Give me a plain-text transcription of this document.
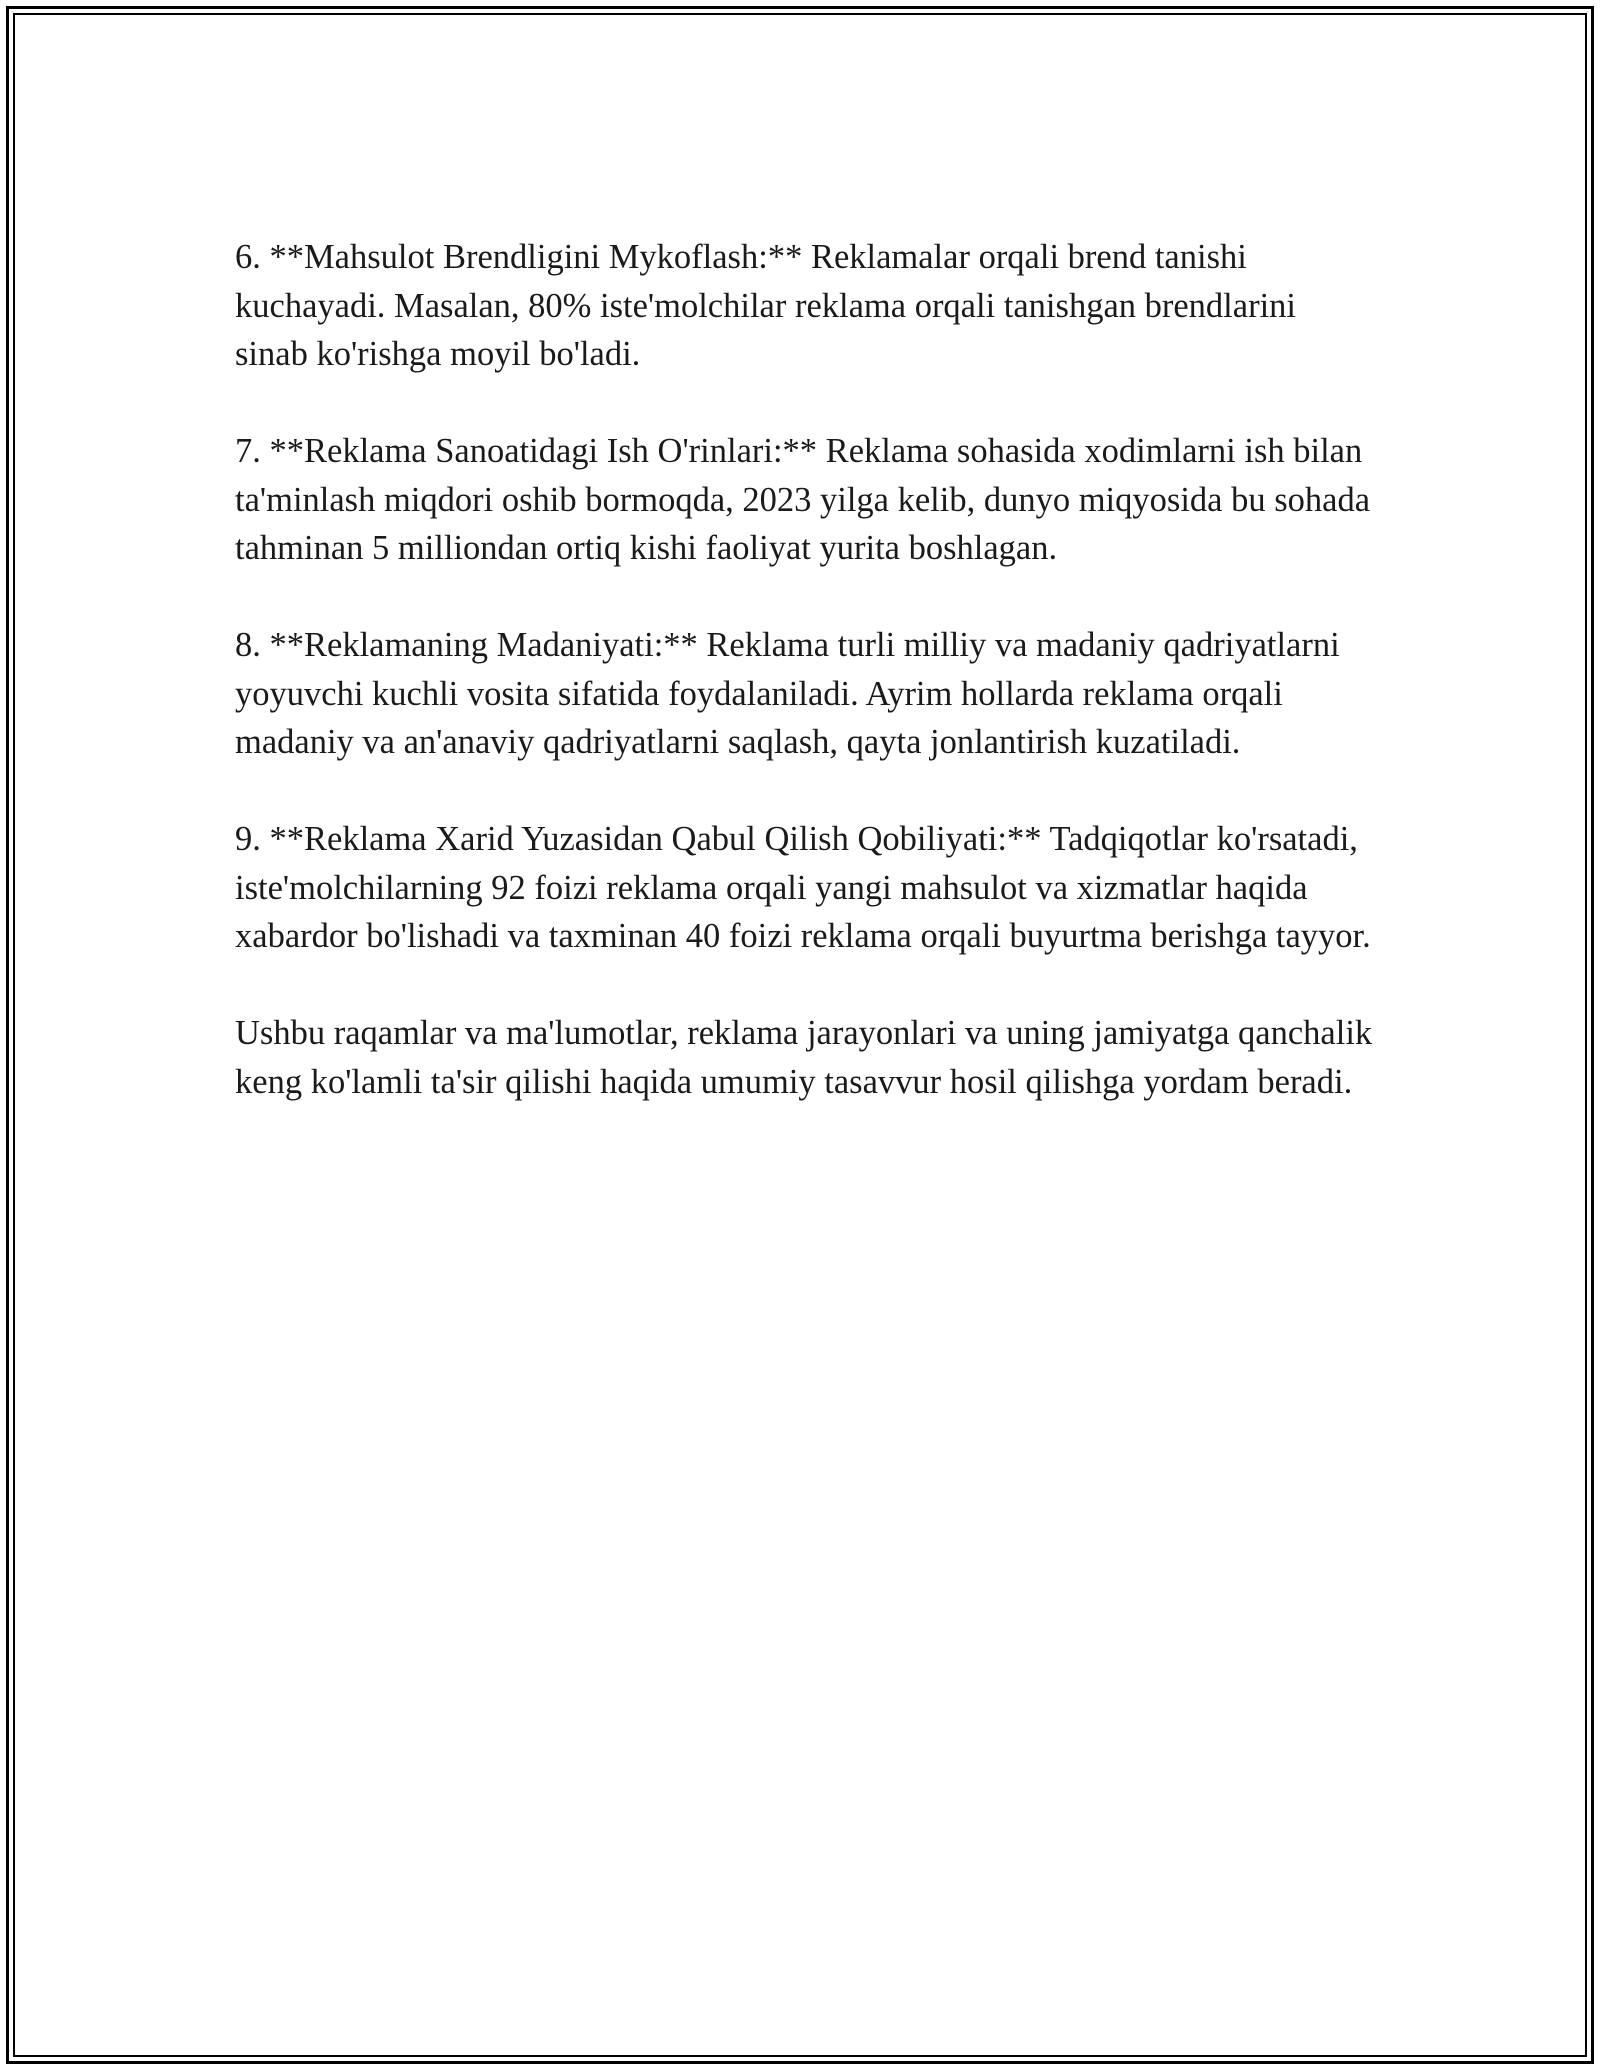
6. **Mahsulot Brendligini Mykoflash:** Reklamalar orqali brend tanishi kuchayadi. Masalan, 80% iste'molchilar reklama orqali tanishgan brendlarini sinab ko'rishga moyil bo'ladi.

7. **Reklama Sanoatidagi Ish O'rinlari:** Reklama sohasida xodimlarni ish bilan ta'minlash miqdori oshib bormoqda, 2023 yilga kelib, dunyo miqyosida bu sohada tahminan 5 milliondan ortiq kishi faoliyat yurita boshlagan.

8. **Reklamaning Madaniyati:** Reklama turli milliy va madaniy qadriyatlarni yoyuvchi kuchli vosita sifatida foydalaniladi. Ayrim hollarda reklama orqali madaniy va an'anaviy qadriyatlarni saqlash, qayta jonlantirish kuzatiladi.

9. **Reklama Xarid Yuzasidan Qabul Qilish Qobiliyati:** Tadqiqotlar ko'rsatadi, iste'molchilarning 92 foizi reklama orqali yangi mahsulot va xizmatlar haqida xabardor bo'lishadi va taxminan 40 foizi reklama orqali buyurtma berishga tayyor.

Ushbu raqamlar va ma'lumotlar, reklama jarayonlari va uning jamiyatga qanchalik keng ko'lamli ta'sir qilishi haqida umumiy tasavvur hosil qilishga yordam beradi.
